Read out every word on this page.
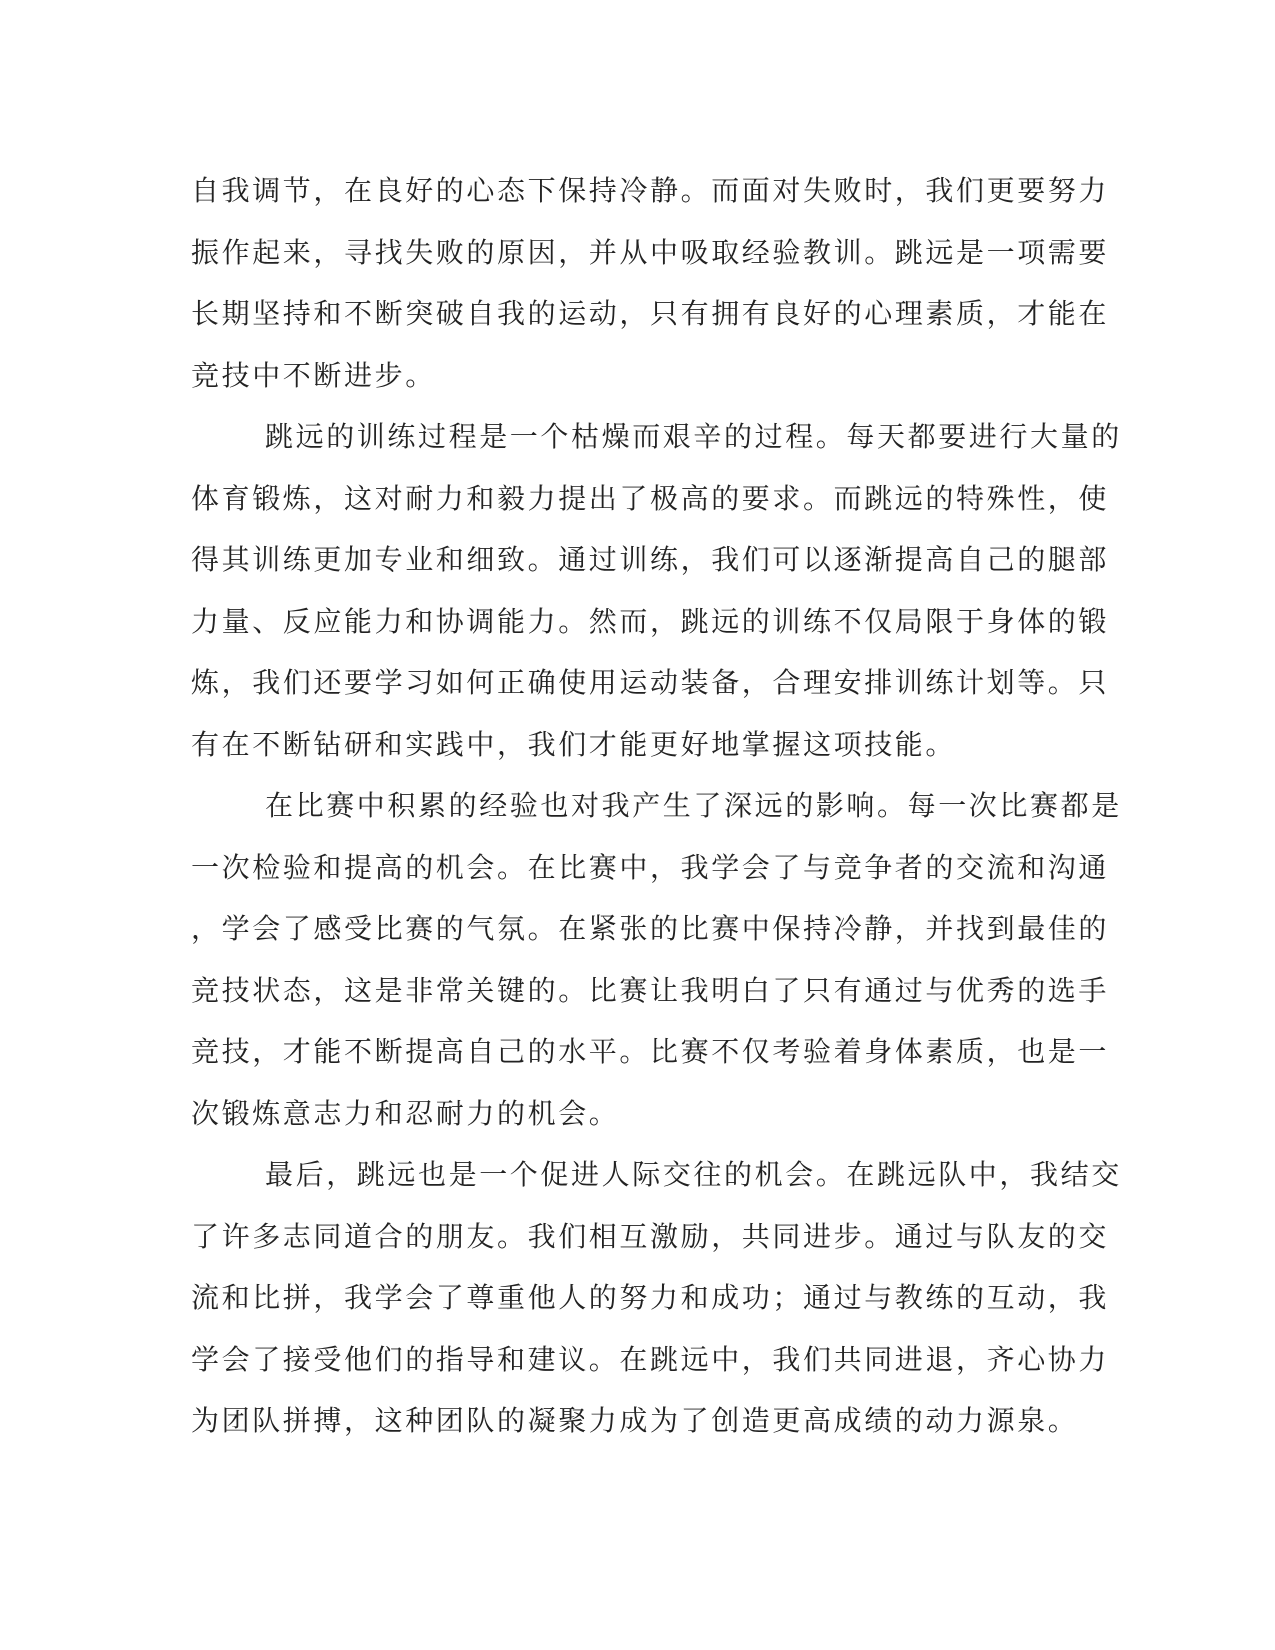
自我调节，在良好的心态下保持冷静。而面对失败时，我们更要努力
振作起来，寻找失败的原因，并从中吸取经验教训。跳远是一项需要
长期坚持和不断突破自我的运动，只有拥有良好的心理素质，才能在
竞技中不断进步。
跳远的训练过程是一个枯燥而艰辛的过程。每天都要进行大量的
体育锻炼，这对耐力和毅力提出了极高的要求。而跳远的特殊性，使
得其训练更加专业和细致。通过训练，我们可以逐渐提高自己的腿部
力量、反应能力和协调能力。然而，跳远的训练不仅局限于身体的锻
炼，我们还要学习如何正确使用运动装备，合理安排训练计划等。只
有在不断钻研和实践中，我们才能更好地掌握这项技能。
在比赛中积累的经验也对我产生了深远的影响。每一次比赛都是
一次检验和提高的机会。在比赛中，我学会了与竞争者的交流和沟通
，学会了感受比赛的气氛。在紧张的比赛中保持冷静，并找到最佳的
竞技状态，这是非常关键的。比赛让我明白了只有通过与优秀的选手
竞技，才能不断提高自己的水平。比赛不仅考验着身体素质，也是一
次锻炼意志力和忍耐力的机会。
最后，跳远也是一个促进人际交往的机会。在跳远队中，我结交
了许多志同道合的朋友。我们相互激励，共同进步。通过与队友的交
流和比拼，我学会了尊重他人的努力和成功；通过与教练的互动，我
学会了接受他们的指导和建议。在跳远中，我们共同进退，齐心协力
为团队拼搏，这种团队的凝聚力成为了创造更高成绩的动力源泉。
